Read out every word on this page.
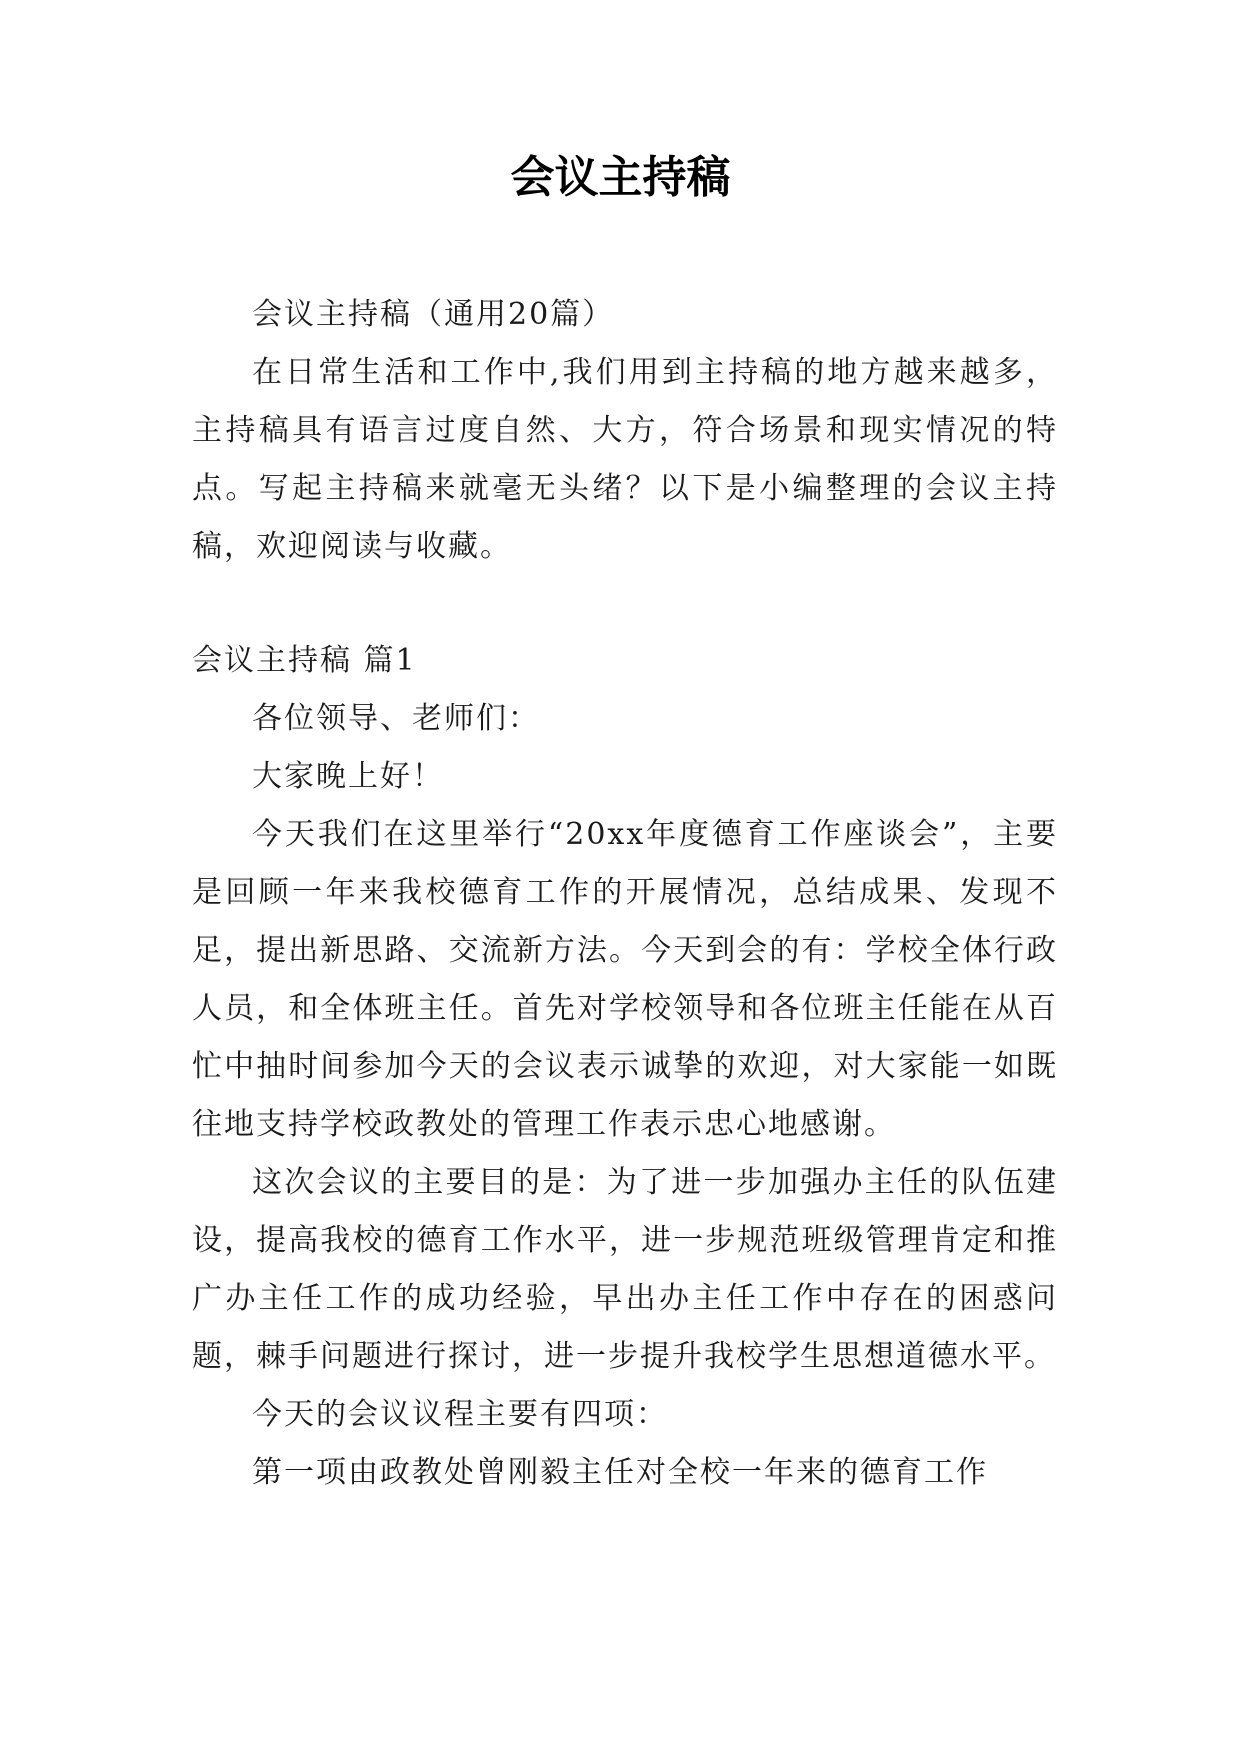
会议主持稿

会议主持稿（通用20篇）

在日常生活和工作中,我们用到主持稿的地方越来越多，主持稿具有语言过度自然、大方，符合场景和现实情况的特点。写起主持稿来就毫无头绪？以下是小编整理的会议主持稿，欢迎阅读与收藏。

会议主持稿 篇1

各位领导、老师们：

大家晚上好！

今天我们在这里举行“20xx年度德育工作座谈会”，主要是回顾一年来我校德育工作的开展情况，总结成果、发现不足，提出新思路、交流新方法。今天到会的有：学校全体行政人员，和全体班主任。首先对学校领导和各位班主任能在从百忙中抽时间参加今天的会议表示诚挚的欢迎，对大家能一如既往地支持学校政教处的管理工作表示忠心地感谢。

这次会议的主要目的是：为了进一步加强办主任的队伍建设，提高我校的德育工作水平，进一步规范班级管理肯定和推广办主任工作的成功经验，早出办主任工作中存在的困惑问题，棘手问题进行探讨，进一步提升我校学生思想道德水平。

今天的会议议程主要有四项：

第一项由政教处曾刚毅主任对全校一年来的德育工作
